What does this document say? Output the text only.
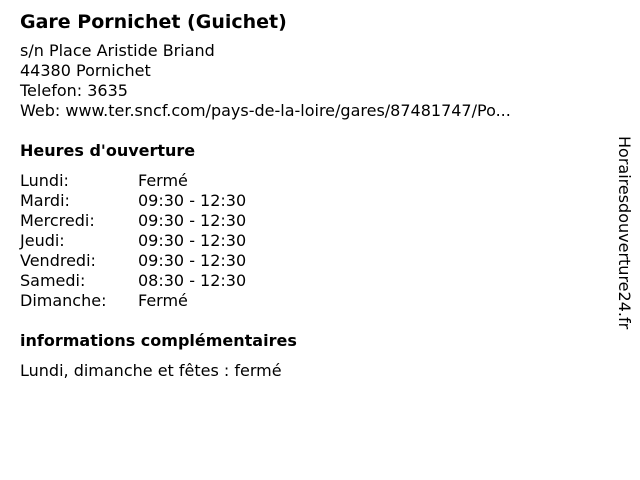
Gare Pornichet (Guichet)
s/n Place Aristide Briand
44380 Pornichet
Telefon: 3635
Web: www.ter.sncf.com/pays-de-la-loire/gares/87481747/Po...
Heures d'ouverture
Lundi:	Fermé
Mardi:	09:30 - 12:30
Mercredi:	09:30 - 12:30
Jeudi:	09:30 - 12:30
Vendredi:	09:30 - 12:30
Samedi:	08:30 - 12:30
Dimanche:	Fermé
informations complémentaires
Lundi, dimanche et fêtes : fermé
Horairesdouverture24.fr
